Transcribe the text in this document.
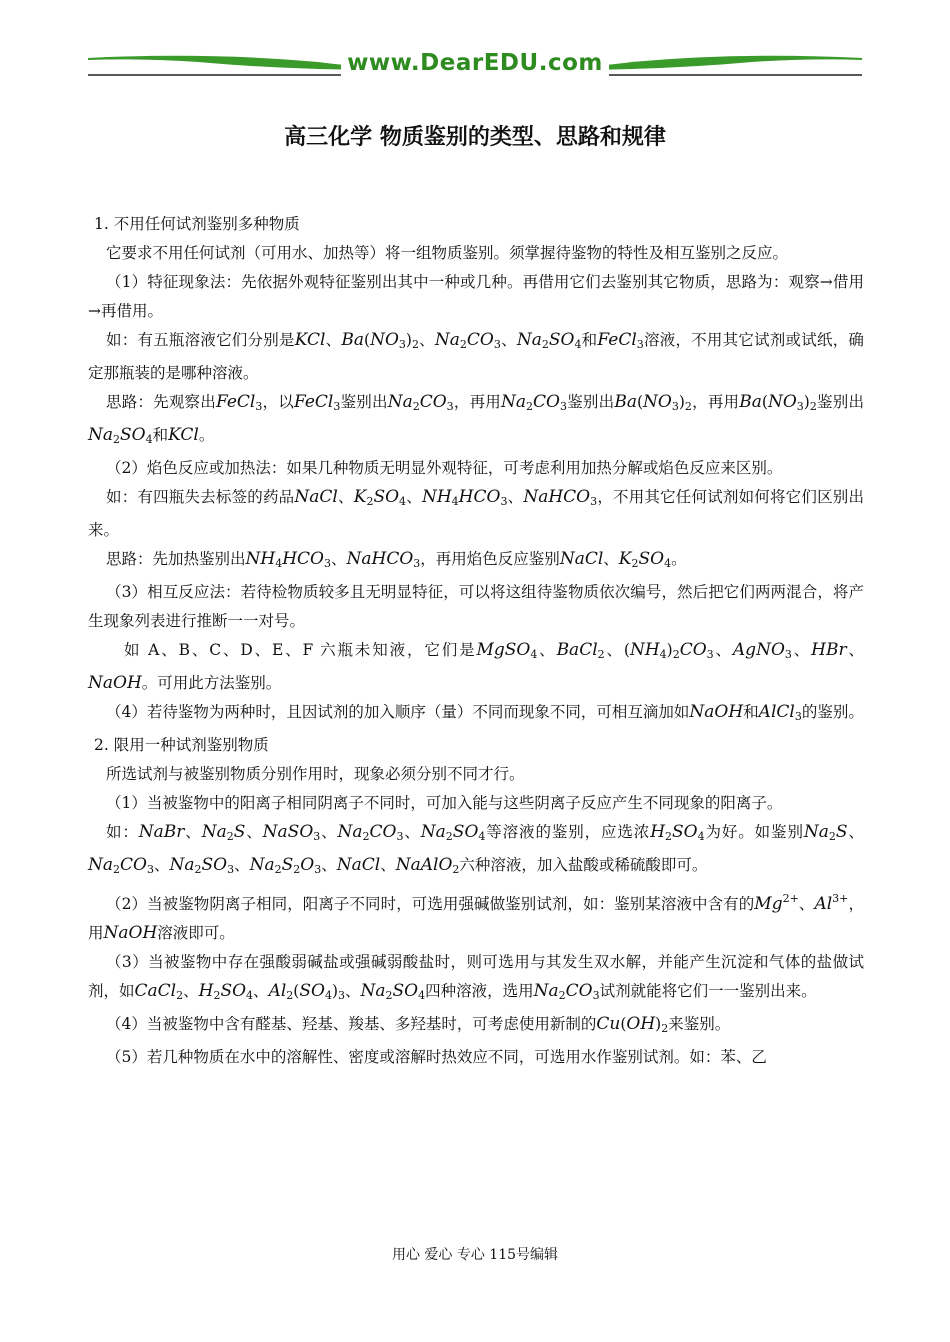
www.DearEDU.com
高三化学 物质鉴别的类型、思路和规律

1. 不用任何试剂鉴别多种物质

它要求不用任何试剂（可用水、加热等）将一组物质鉴别。须掌握待鉴物的特性及相互鉴别之反应。

（1）特征现象法：先依据外观特征鉴别出其中一种或几种。再借用它们去鉴别其它物质，思路为：观察→借用→再借用。

如：有五瓶溶液它们分别是KCl、$Ba(NO_3)_2$、$Na_2CO_3$、$Na_2SO_4$和FeCl$_3$溶液，不用其它试剂或试纸，确定那瓶装的是哪种溶液。

思路：先观察出FeCl$_3$，以FeCl$_3$鉴别出$Na_2CO_3$，再用$Na_2CO_3$鉴别出$Ba(NO_3)_2$，再用$Ba(NO_3)_2$鉴别出$Na_2SO_4$和KCl。

（2）焰色反应或加热法：如果几种物质无明显外观特征，可考虑利用加热分解或焰色反应来区别。

如：有四瓶失去标签的药品NaCl、$K_2SO_4$、$NH_4HCO_3$、NaHCO$_3$，不用其它任何试剂如何将它们区别出来。

思路：先加热鉴别出$NH_4HCO_3$、NaHCO$_3$，再用焰色反应鉴别NaCl、$K_2SO_4$。

（3）相互反应法：若待检物质较多且无明显特征，可以将这组待鉴物质依次编号，然后把它们两两混合，将产生现象列表进行推断一一对号。

如 A、B、C、D、E、F 六瓶未知液，它们是MgSO$_4$、BaCl$_2$、$(NH_4)_2CO_3$、AgNO$_3$、HBr、NaOH。可用此方法鉴别。

（4）若待鉴物为两种时，且因试剂的加入顺序（量）不同而现象不同，可相互滴加如NaOH和AlCl$_3$的鉴别。

2. 限用一种试剂鉴别物质

所选试剂与被鉴别物质分别作用时，现象必须分别不同才行。

（1）当被鉴物中的阳离子相同阴离子不同时，可加入能与这些阴离子反应产生不同现象的阳离子。

如：NaBr、$Na_2S$、NaSO$_3$、$Na_2CO_3$、$Na_2SO_4$等溶液的鉴别，应选浓$H_2SO_4$为好。如鉴别$Na_2S$、$Na_2CO_3$、$Na_2SO_3$、$Na_2S_2O_3$、NaCl、NaAlO$_2$六种溶液，加入盐酸或稀硫酸即可。

（2）当被鉴物阴离子相同，阳离子不同时，可选用强碱做鉴别试剂，如：鉴别某溶液中含有的$Mg^{2+}$、$Al^{3+}$，用NaOH溶液即可。

（3）当被鉴物中存在强酸弱碱盐或强碱弱酸盐时，则可选用与其发生双水解，并能产生沉淀和气体的盐做试剂，如CaCl$_2$、$H_2SO_4$、$Al_2(SO_4)_3$、$Na_2SO_4$四种溶液，选用$Na_2CO_3$试剂就能将它们一一鉴别出来。

（4）当被鉴物中含有醛基、羟基、羧基、多羟基时，可考虑使用新制的$Cu(OH)_2$来鉴别。

（5）若几种物质在水中的溶解性、密度或溶解时热效应不同，可选用水作鉴别试剂。如：苯、乙

用心 爱心 专心 115号编辑
